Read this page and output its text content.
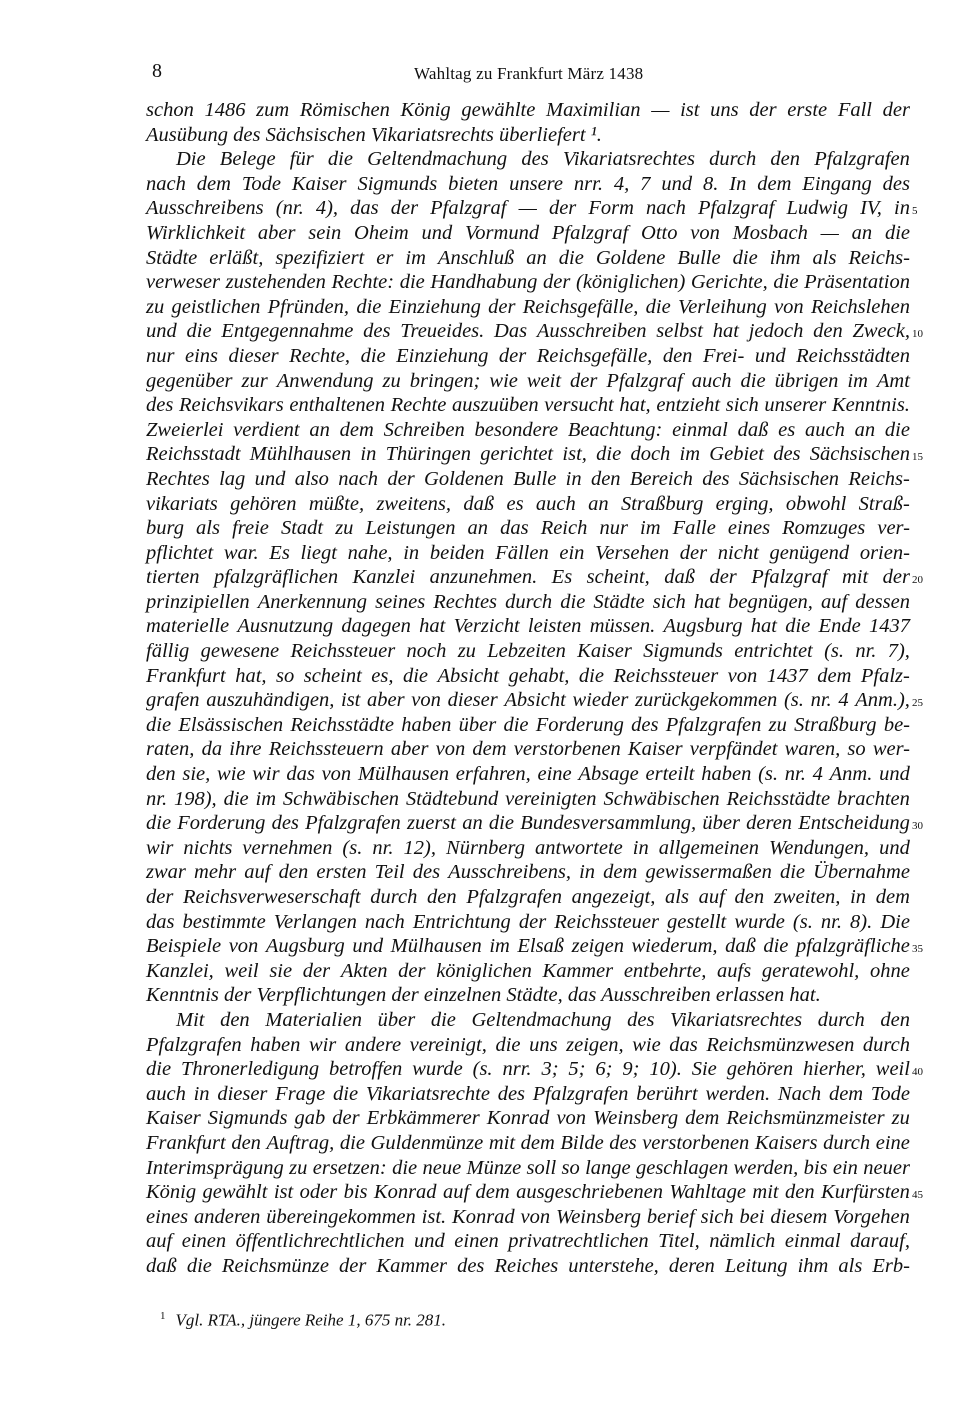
8	Wahltag zu Frankfurt März 1438
schon 1486 zum Römischen König gewählte Maximilian — ist uns der erste Fall der
Ausübung des Sächsischen Vikariatsrechts überliefert ¹.
Die Belege für die Geltendmachung des Vikariatsrechtes durch den Pfalzgrafen
nach dem Tode Kaiser Sigmunds bieten unsere nrr. 4, 7 und 8. In dem Eingang des
Ausschreibens (nr. 4), das der Pfalzgraf — der Form nach Pfalzgraf Ludwig IV, in 5
Wirklichkeit aber sein Oheim und Vormund Pfalzgraf Otto von Mosbach — an die
Städte erläßt, spezifiziert er im Anschluß an die Goldene Bulle die ihm als Reichs-
verweser zustehenden Rechte: die Handhabung der (königlichen) Gerichte, die Präsentation
zu geistlichen Pfründen, die Einziehung der Reichsgefälle, die Verleihung von Reichslehen
und die Entgegennahme des Treueides. Das Ausschreiben selbst hat jedoch den Zweck, 10
nur eins dieser Rechte, die Einziehung der Reichsgefälle, den Frei- und Reichsstädten
gegenüber zur Anwendung zu bringen; wie weit der Pfalzgraf auch die übrigen im Amt
des Reichsvikars enthaltenen Rechte auszuüben versucht hat, entzieht sich unserer Kenntnis.
Zweierlei verdient an dem Schreiben besondere Beachtung: einmal daß es auch an die
Reichsstadt Mühlhausen in Thüringen gerichtet ist, die doch im Gebiet des Sächsischen 15
Rechtes lag und also nach der Goldenen Bulle in den Bereich des Sächsischen Reichs-
vikariats gehören müßte, zweitens, daß es auch an Straßburg erging, obwohl Straß-
burg als freie Stadt zu Leistungen an das Reich nur im Falle eines Romzuges ver-
pflichtet war. Es liegt nahe, in beiden Fällen ein Versehen der nicht genügend orien-
tierten pfalzgräflichen Kanzlei anzunehmen. Es scheint, daß der Pfalzgraf mit der 20
prinzipiellen Anerkennung seines Rechtes durch die Städte sich hat begnügen, auf dessen
materielle Ausnutzung dagegen hat Verzicht leisten müssen. Augsburg hat die Ende 1437
fällig gewesene Reichssteuer noch zu Lebzeiten Kaiser Sigmunds entrichtet (s. nr. 7),
Frankfurt hat, so scheint es, die Absicht gehabt, die Reichssteuer von 1437 dem Pfalz-
grafen auszuhändigen, ist aber von dieser Absicht wieder zurückgekommen (s. nr. 4 Anm.), 25
die Elsässischen Reichsstädte haben über die Forderung des Pfalzgrafen zu Straßburg be-
raten, da ihre Reichssteuern aber von dem verstorbenen Kaiser verpfändet waren, so wer-
den sie, wie wir das von Mülhausen erfahren, eine Absage erteilt haben (s. nr. 4 Anm. und
nr. 198), die im Schwäbischen Städtebund vereinigten Schwäbischen Reichsstädte brachten
die Forderung des Pfalzgrafen zuerst an die Bundesversammlung, über deren Entscheidung 30
wir nichts vernehmen (s. nr. 12), Nürnberg antwortete in allgemeinen Wendungen, und
zwar mehr auf den ersten Teil des Ausschreibens, in dem gewissermaßen die Übernahme
der Reichsverweserschaft durch den Pfalzgrafen angezeigt, als auf den zweiten, in dem
das bestimmte Verlangen nach Entrichtung der Reichssteuer gestellt wurde (s. nr. 8). Die
Beispiele von Augsburg und Mülhausen im Elsaß zeigen wiederum, daß die pfalzgräfliche 35
Kanzlei, weil sie der Akten der königlichen Kammer entbehrte, aufs geratewohl, ohne
Kenntnis der Verpflichtungen der einzelnen Städte, das Ausschreiben erlassen hat.
Mit den Materialien über die Geltendmachung des Vikariatsrechtes durch den
Pfalzgrafen haben wir andere vereinigt, die uns zeigen, wie das Reichsmünzwesen durch
die Thronerledigung betroffen wurde (s. nrr. 3; 5; 6; 9; 10). Sie gehören hierher, weil 40
auch in dieser Frage die Vikariatsrechte des Pfalzgrafen berührt werden. Nach dem Tode
Kaiser Sigmunds gab der Erbkämmerer Konrad von Weinsberg dem Reichsmünzmeister zu
Frankfurt den Auftrag, die Guldenmünze mit dem Bilde des verstorbenen Kaisers durch eine
Interimsprägung zu ersetzen: die neue Münze soll so lange geschlagen werden, bis ein neuer
König gewählt ist oder bis Konrad auf dem ausgeschriebenen Wahltage mit den Kurfürsten 45
eines anderen übereingekommen ist. Konrad von Weinsberg berief sich bei diesem Vorgehen
auf einen öffentlichrechtlichen und einen privatrechtlichen Titel, nämlich einmal darauf,
daß die Reichsmünze der Kammer des Reiches unterstehe, deren Leitung ihm als Erb-
$^1$ Vgl. RTA., jüngere Reihe 1, 675 nr. 281.
